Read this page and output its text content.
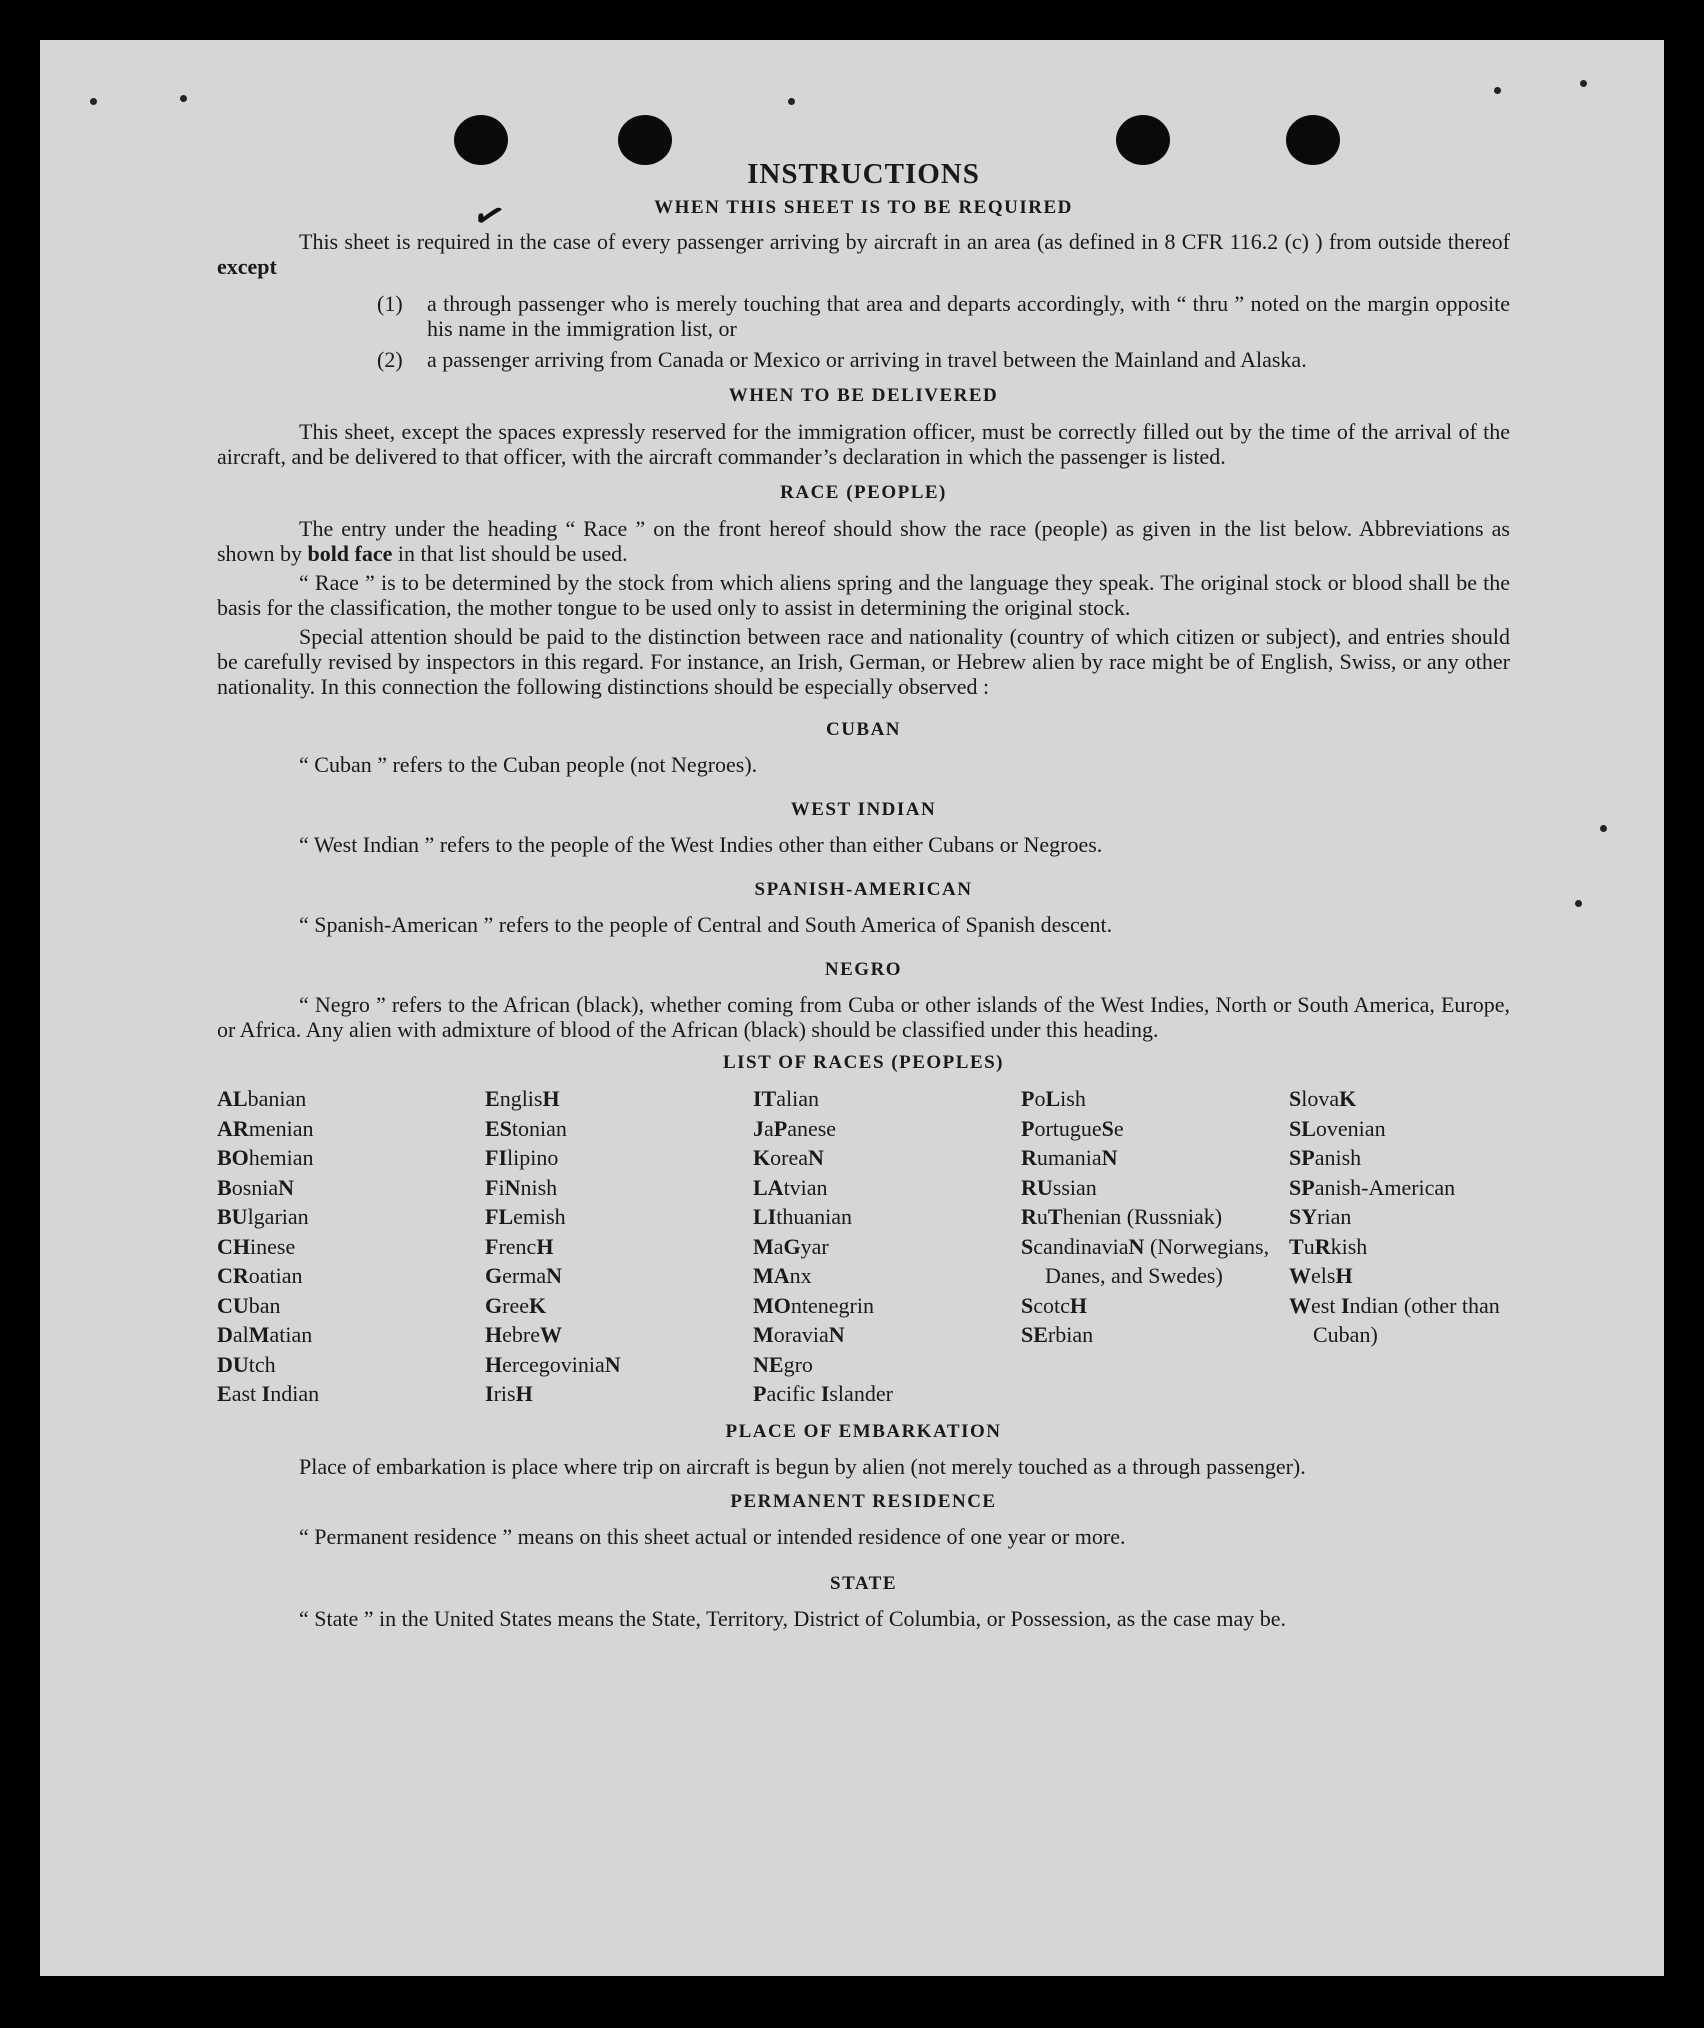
✓
INSTRUCTIONS
WHEN THIS SHEET IS TO BE REQUIRED

This sheet is required in the case of every passenger arriving by aircraft in an area (as defined in 8 CFR 116.2 (c) ) from outside thereof except

(1)	a through passenger who is merely touching that area and departs accordingly, with “ thru ” noted on the margin opposite his name in the immigration list, or
(2)	a passenger arriving from Canada or Mexico or arriving in travel between the Mainland and Alaska.
WHEN TO BE DELIVERED

This sheet, except the spaces expressly reserved for the immigration officer, must be correctly filled out by the time of the arrival of the aircraft, and be delivered to that officer, with the aircraft commander’s declaration in which the passenger is listed.

RACE (PEOPLE)

The entry under the heading “ Race ” on the front hereof should show the race (people) as given in the list below. Abbreviations as shown by bold face in that list should be used.

“ Race ” is to be determined by the stock from which aliens spring and the language they speak. The original stock or blood shall be the basis for the classification, the mother tongue to be used only to assist in determining the original stock.

Special attention should be paid to the distinction between race and nationality (country of which citizen or subject), and entries should be carefully revised by inspectors in this regard. For instance, an Irish, German, or Hebrew alien by race might be of English, Swiss, or any other nationality. In this connection the following distinctions should be especially observed :

CUBAN

“ Cuban ” refers to the Cuban people (not Negroes).

WEST INDIAN

“ West Indian ” refers to the people of the West Indies other than either Cubans or Negroes.

SPANISH-AMERICAN

“ Spanish-American ” refers to the people of Central and South America of Spanish descent.

NEGRO

“ Negro ” refers to the African (black), whether coming from Cuba or other islands of the West Indies, North or South America, Europe, or Africa. Any alien with admixture of blood of the African (black) should be classified under this heading.

LIST OF RACES (PEOPLES)
ALbanian
ARmenian
BOhemian
BosniaN
BUlgarian
CHinese
CRoatian
CUban
DalMatian
DUtch
East Indian
EnglisH
EStonian
FIlipino
FiNnish
FLemish
FrencH
GermaN
GreeK
HebreW
HercegoviniaN
IrisH
ITalian
JaPanese
KoreaN
LAtvian
LIthuanian
MaGyar
MAnx
MOntenegrin
MoraviaN
NEgro
Pacific Islander
PoLish
PortugueSe
RumaniaN
RUssian
RuThenian (Russniak)
ScandinaviaN (Norwegians, Danes, and Swedes)
ScotcH
SErbian
SlovaK
SLovenian
SPanish
SPanish-American
SYrian
TuRkish
WelsH
West Indian (other than Cuban)
PLACE OF EMBARKATION

Place of embarkation is place where trip on aircraft is begun by alien (not merely touched as a through passenger).

PERMANENT RESIDENCE

“ Permanent residence ” means on this sheet actual or intended residence of one year or more.

STATE

“ State ” in the United States means the State, Territory, District of Columbia, or Possession, as the case may be.
